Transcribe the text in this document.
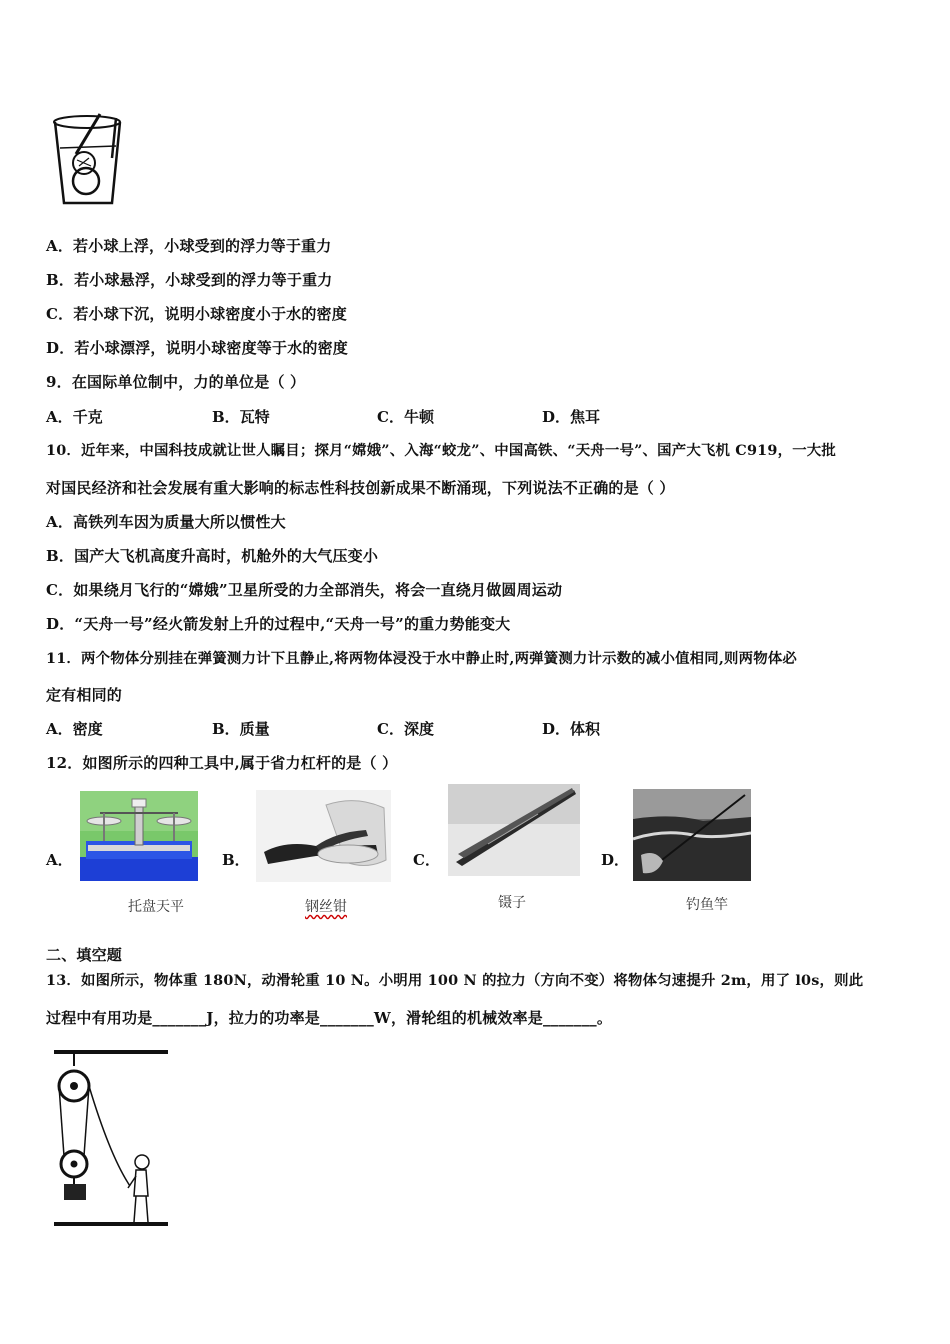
A．若小球上浮，小球受到的浮力等于重力
B．若小球悬浮，小球受到的浮力等于重力
C．若小球下沉，说明小球密度小于水的密度
D．若小球漂浮，说明小球密度等于水的密度
9．在国际单位制中，力的单位是（ ）
A．千克	B．瓦特	C．牛顿	D．焦耳
10．近年来，中国科技成就让世人瞩目；探月“嫦娥”、入海“蛟龙”、中国高铁、“天舟一号”、国产大飞机 C919，一大批
对国民经济和社会发展有重大影响的标志性科技创新成果不断涌现，下列说法不正确的是（ ）
A．高铁列车因为质量大所以惯性大
B．国产大飞机高度升高时，机舱外的大气压变小
C．如果绕月飞行的“嫦娥”卫星所受的力全部消失，将会一直绕月做圆周运动
D．“天舟一号”经火箭发射上升的过程中,“天舟一号”的重力势能变大
11．两个物体分别挂在弹簧测力计下且静止,将两物体浸没于水中静止时,两弹簧测力计示数的减小值相同,则两物体必
定有相同的
A．密度	B．质量	C．深度	D．体积
12．如图所示的四种工具中,属于省力杠杆的是（ ）
A．
托盘天平
B．
钢丝钳
C．
镊子
D．
钓鱼竿
二、填空题
13．如图所示，物体重 180N，动滑轮重 10 N。小明用 100 N 的拉力（方向不变）将物体匀速提升 2m，用了 l0s，则此
过程中有用功是_______J，拉力的功率是_______W，滑轮组的机械效率是_______。
